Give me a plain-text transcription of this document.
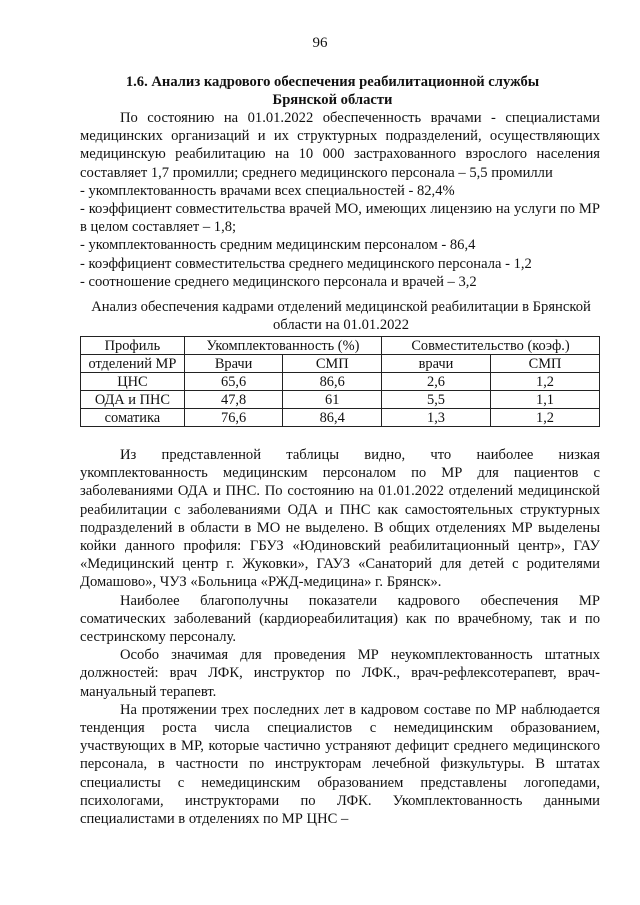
96
1.6. Анализ кадрового обеспечения реабилитационной службы
Брянской области

По состоянию на 01.01.2022 обеспеченность врачами - специалистами медицинских организаций и их структурных подразделений, осуществляющих медицинскую реабилитацию на 10 000 застрахованного взрослого населения составляет 1,7 промилли; среднего медицинского персонала – 5,5 промилли

- укомплектованность врачами всех специальностей - 82,4%

- коэффициент совместительства врачей МО, имеющих лицензию на услуги по МР в целом составляет – 1,8;

- укомплектованность средним медицинским персоналом - 86,4

- коэффициент совместительства среднего медицинского персонала - 1,2

- соотношение среднего медицинского персонала и врачей – 3,2

Анализ обеспечения кадрами отделений медицинской реабилитации в Брянской области на 01.01.2022
Профиль	Укомплектованность (%)		Совместительство (коэф.)	
отделений МР	Врачи	СМП	врачи	СМП
ЦНС	65,6	86,6	2,6	1,2
ОДА и ПНС	47,8	61	5,5	1,1
соматика	76,6	86,4	1,3	1,2

Из представленной таблицы видно, что наиболее низкая укомплектованность медицинским персоналом по МР для пациентов с заболеваниями ОДА и ПНС. По состоянию на 01.01.2022 отделений медицинской реабилитации с заболеваниями ОДА и ПНС как самостоятельных структурных подразделений в области в МО не выделено. В общих отделениях МР выделены койки данного профиля: ГБУЗ «Юдиновский реабилитационный центр», ГАУ «Медицинский центр г. Жуковки», ГАУЗ «Санаторий для детей с родителями Домашово», ЧУЗ «Больница «РЖД-медицина» г. Брянск».

Наиболее благополучны показатели кадрового обеспечения МР соматических заболеваний (кардиореабилитация) как по врачебному, так и по сестринскому персоналу.

Особо значимая для проведения МР неукомплектованность штатных должностей: врач ЛФК, инструктор по ЛФК., врач-рефлексотерапевт, врач-мануальный терапевт.

На протяжении трех последних лет в кадровом составе по МР наблюдается тенденция роста числа специалистов с немедицинским образованием, участвующих в МР, которые частично устраняют дефицит среднего медицинского персонала, в частности по инструкторам лечебной физкультуры. В штатах специалисты с немедицинским образованием представлены логопедами, психологами, инструкторами по ЛФК. Укомплектованность данными специалистами в отделениях по МР ЦНС –
